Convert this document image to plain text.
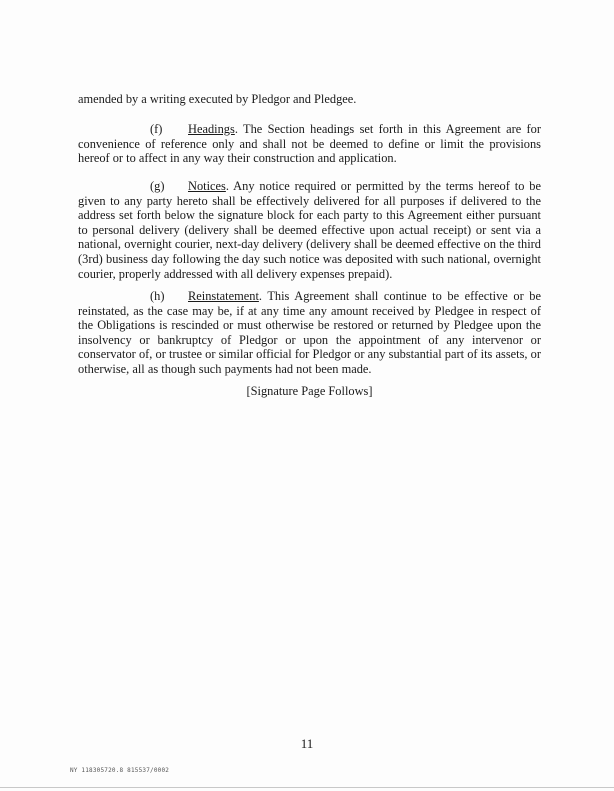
amended by a writing executed by Pledgor and Pledgee.

(f) Headings. The Section headings set forth in this Agreement are for convenience of reference only and shall not be deemed to define or limit the provisions hereof or to affect in any way their construction and application.

(g) Notices. Any notice required or permitted by the terms hereof to be given to any party hereto shall be effectively delivered for all purposes if delivered to the address set forth below the signature block for each party to this Agreement either pursuant to personal delivery (delivery shall be deemed effective upon actual receipt) or sent via a national, overnight courier, next-day delivery (delivery shall be deemed effective on the third (3rd) business day following the day such notice was deposited with such national, overnight courier, properly addressed with all delivery expenses prepaid).

(h) Reinstatement. This Agreement shall continue to be effective or be reinstated, as the case may be, if at any time any amount received by Pledgee in respect of the Obligations is rescinded or must otherwise be restored or returned by Pledgee upon the insolvency or bankruptcy of Pledgor or upon the appointment of any intervenor or conservator of, or trustee or similar official for Pledgor or any substantial part of its assets, or otherwise, all as though such payments had not been made.

[Signature Page Follows]

11

NY 118305720.8 815537/0002
